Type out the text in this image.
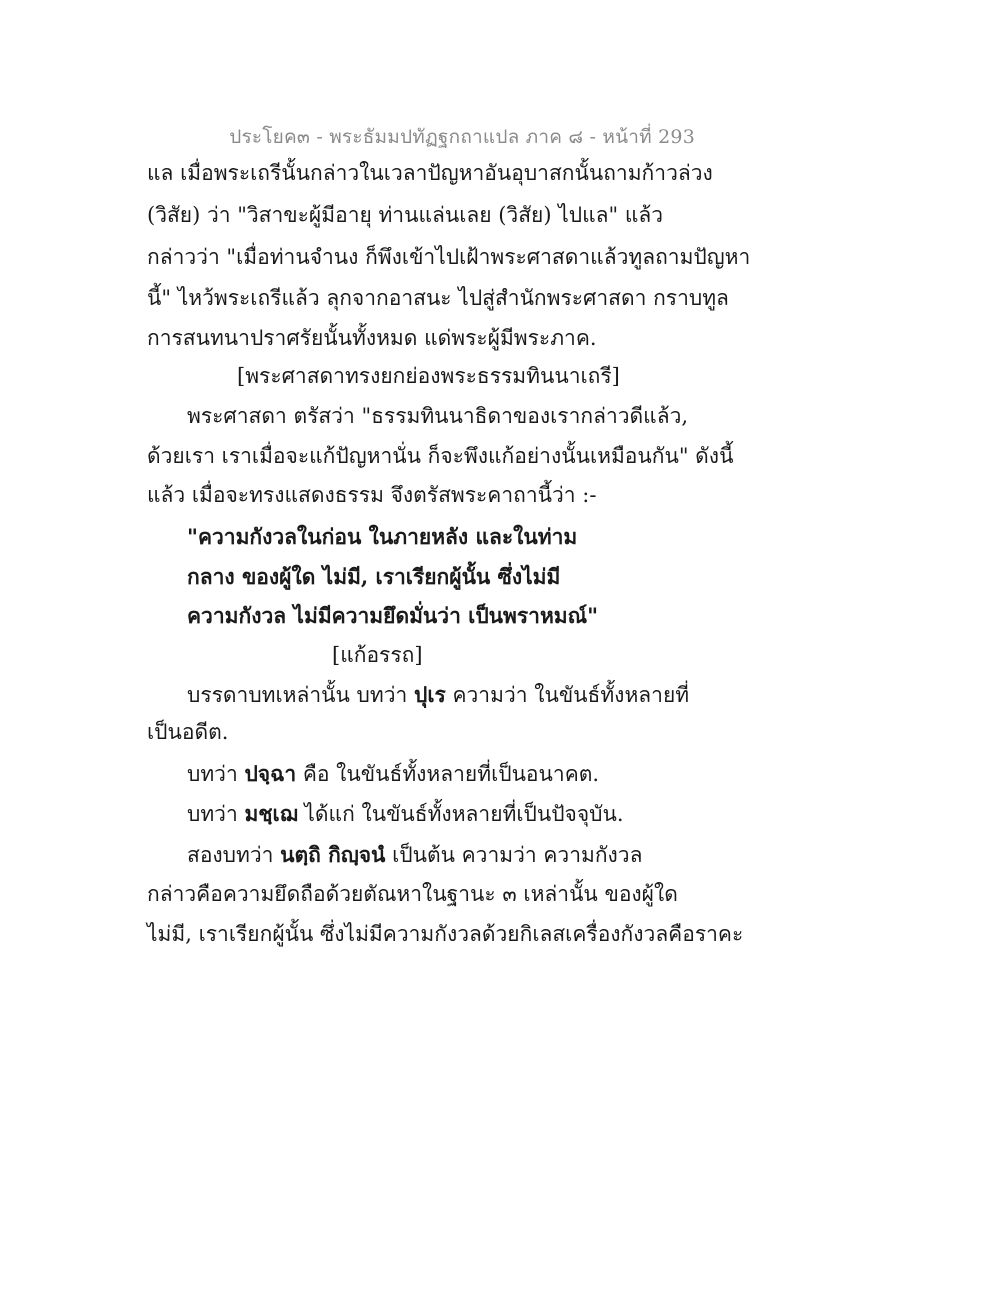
ประโยค๓ - พระธัมมปทัฏฐกถาแปล ภาค ๘ - หน้าที่ 293
แล เมื่อพระเถรีนั้นกล่าวในเวลาปัญหาอันอุบาสกนั้นถามก้าวล่วง
(วิสัย) ว่า "วิสาขะผู้มีอายุ ท่านแล่นเลย (วิสัย) ไปแล" แล้ว
กล่าวว่า "เมื่อท่านจำนง ก็พึงเข้าไปเฝ้าพระศาสดาแล้วทูลถามปัญหา
นี้" ไหว้พระเถรีแล้ว ลุกจากอาสนะ ไปสู่สำนักพระศาสดา กราบทูล
การสนทนาปราศรัยนั้นทั้งหมด แด่พระผู้มีพระภาค.
[พระศาสดาทรงยกย่องพระธรรมทินนาเถรี]
พระศาสดา ตรัสว่า "ธรรมทินนาธิดาของเรากล่าวดีแล้ว,
ด้วยเรา เราเมื่อจะแก้ปัญหานั่น ก็จะพึงแก้อย่างนั้นเหมือนกัน" ดังนี้
แล้ว เมื่อจะทรงแสดงธรรม จึงตรัสพระคาถานี้ว่า :-
"ความกังวลในก่อน ในภายหลัง และในท่าม
กลาง ของผู้ใด ไม่มี, เราเรียกผู้นั้น ซึ่งไม่มี
ความกังวล ไม่มีความยึดมั่นว่า เป็นพราหมณ์"
[แก้อรรถ]
บรรดาบทเหล่านั้น บทว่า ปุเร ความว่า ในขันธ์ทั้งหลายที่
เป็นอดีต.
บทว่า ปจฺฉา คือ ในขันธ์ทั้งหลายที่เป็นอนาคต.
บทว่า มชฺเฌ ได้แก่ ในขันธ์ทั้งหลายที่เป็นปัจจุบัน.
สองบทว่า นตฺถิ กิญฺจนํ เป็นต้น ความว่า ความกังวล
กล่าวคือความยึดถือด้วยตัณหาในฐานะ ๓ เหล่านั้น ของผู้ใด
ไม่มี, เราเรียกผู้นั้น ซึ่งไม่มีความกังวลด้วยกิเลสเครื่องกังวลคือราคะ
